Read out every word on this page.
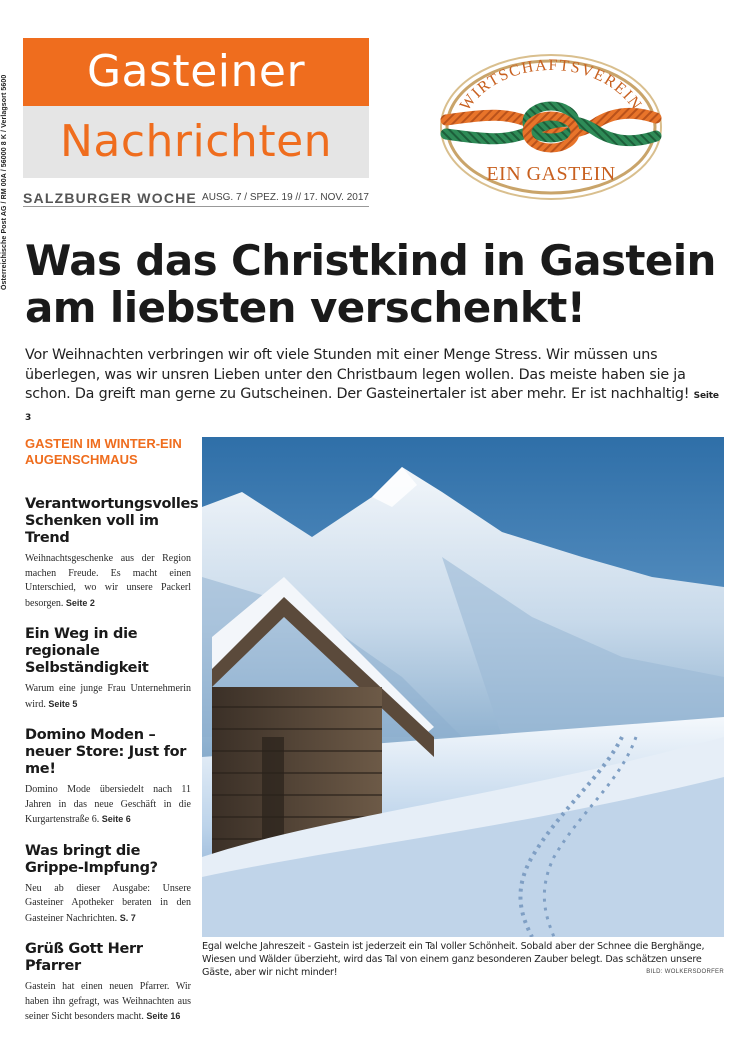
Österreichische Post AG / RM 00A / 56000 8 K / Verlagsort 5600
Gasteiner
Nachrichten
SALZBURGER WOCHE AUSG. 7 / SPEZ. 19 // 17. NOV. 2017
WIRTSCHAFTSVEREIN
EIN GASTEIN
Was das Christkind in Gastein am liebsten verschenkt!

Vor Weihnachten verbringen wir oft viele Stunden mit einer Menge Stress. Wir müssen uns überlegen, was wir unsren Lieben unter den Christbaum legen wollen. Das meiste haben sie ja schon. Da greift man gerne zu Gutscheinen. Der Gasteinertaler ist aber mehr. Er ist nachhaltig! Seite 3

GASTEIN IM WINTER-EIN AUGENSCHMAUS
Verantwortungsvolles Schenken voll im Trend

Weihnachtsgeschenke aus der Region machen Freude. Es macht einen Unterschied, wo wir unsere Packerl besorgen. Seite 2

Ein Weg in die regionale Selbständigkeit

Warum eine junge Frau Unternehmerin wird. Seite 5

Domino Moden – neuer Store: Just for me!

Domino Mode übersiedelt nach 11 Jahren in das neue Geschäft in die Kurgartenstraße 6. Seite 6

Was bringt die Grippe-Impfung?

Neu ab dieser Ausgabe: Unsere Gasteiner Apotheker beraten in den Gasteiner Nachrichten. S. 7

Grüß Gott Herr Pfarrer

Gastein hat einen neuen Pfarrer. Wir haben ihn gefragt, was Weihnachten aus seiner Sicht besonders macht. Seite 16

Egal welche Jahreszeit - Gastein ist jederzeit ein Tal voller Schönheit. Sobald aber der Schnee die Berghänge, Wiesen und Wälder überzieht, wird das Tal von einem ganz besonderen Zauber belegt. Das schätzen unsere Gäste, aber wir nicht minder!	BILD: WOLKERSDORFER
